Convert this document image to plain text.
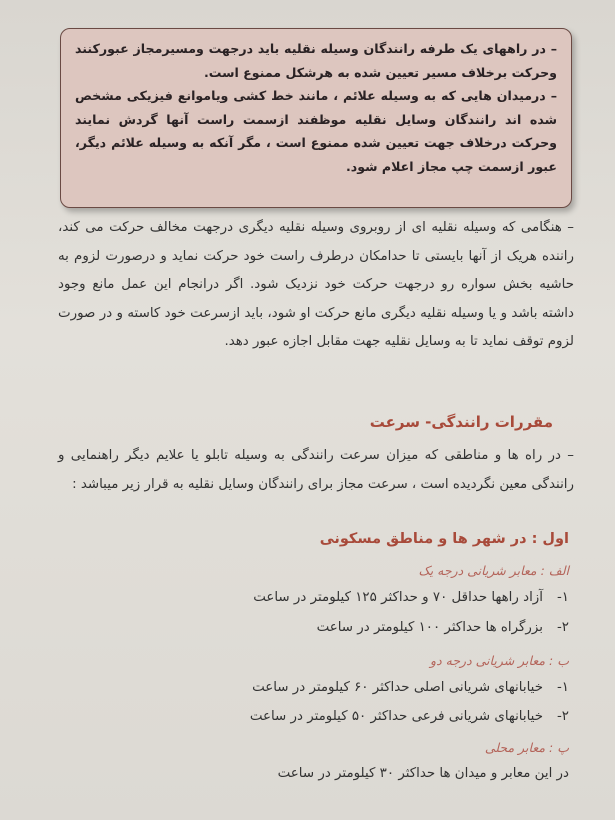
– در راههای یک طرفه رانندگان وسیله نقلیه باید درجهت ومسیرمجاز عبورکنند وحرکت برخلاف مسیر تعیین شده به هرشکل ممنوع است.

– درمیدان هایی که به وسیله علائم ، مانند خط کشی ویاموانع فیزیکی مشخص شده اند رانندگان وسایل نقلیه موظفند ازسمت راست آنها گردش نمایند وحرکت درخلاف جهت تعیین شده ممنوع است ، مگر آنکه به وسیله علائم دیگر، عبور ازسمت چپ مجاز اعلام شود.

– هنگامی که وسیله نقلیه ای از روبروی وسیله نقلیه دیگری درجهت مخالف حرکت می کند، راننده هریک از آنها بایستی تا حدامکان درطرف راست خود حرکت نماید و درصورت لزوم به حاشیه بخش سواره رو درجهت حرکت خود نزدیک شود. اگر درانجام این عمل مانع وجود داشته باشد و یا وسیله نقلیه دیگری مانع حرکت او شود، باید ازسرعت خود کاسته و در صورت لزوم توقف نماید تا به وسایل نقلیه جهت مقابل اجازه عبور دهد.

مقررات رانندگی- سرعت

– در راه ها و مناطقی که میزان سرعت رانندگی به وسیله تابلو یا علایم دیگر راهنمایی و رانندگی معین نگردیده است ، سرعت مجاز برای رانندگان وسایل نقلیه به قرار زیر میباشد :

اول : در شهر ها و مناطق مسکونی
الف : معابر شریانی درجه یک
۱-آزاد راهها حداقل ۷۰ و حداکثر ۱۲۵ کیلومتر در ساعت
۲-بزرگراه ها حداکثر ۱۰۰ کیلومتر در ساعت
ب : معابر شریانی درجه دو
۱-خیابانهای شریانی اصلی حداکثر ۶۰ کیلومتر در ساعت
۲-خیابانهای شریانی فرعی حداکثر ۵۰ کیلومتر در ساعت
پ : معابر محلی
در این معابر و میدان ها حداکثر ۳۰ کیلومتر در ساعت
